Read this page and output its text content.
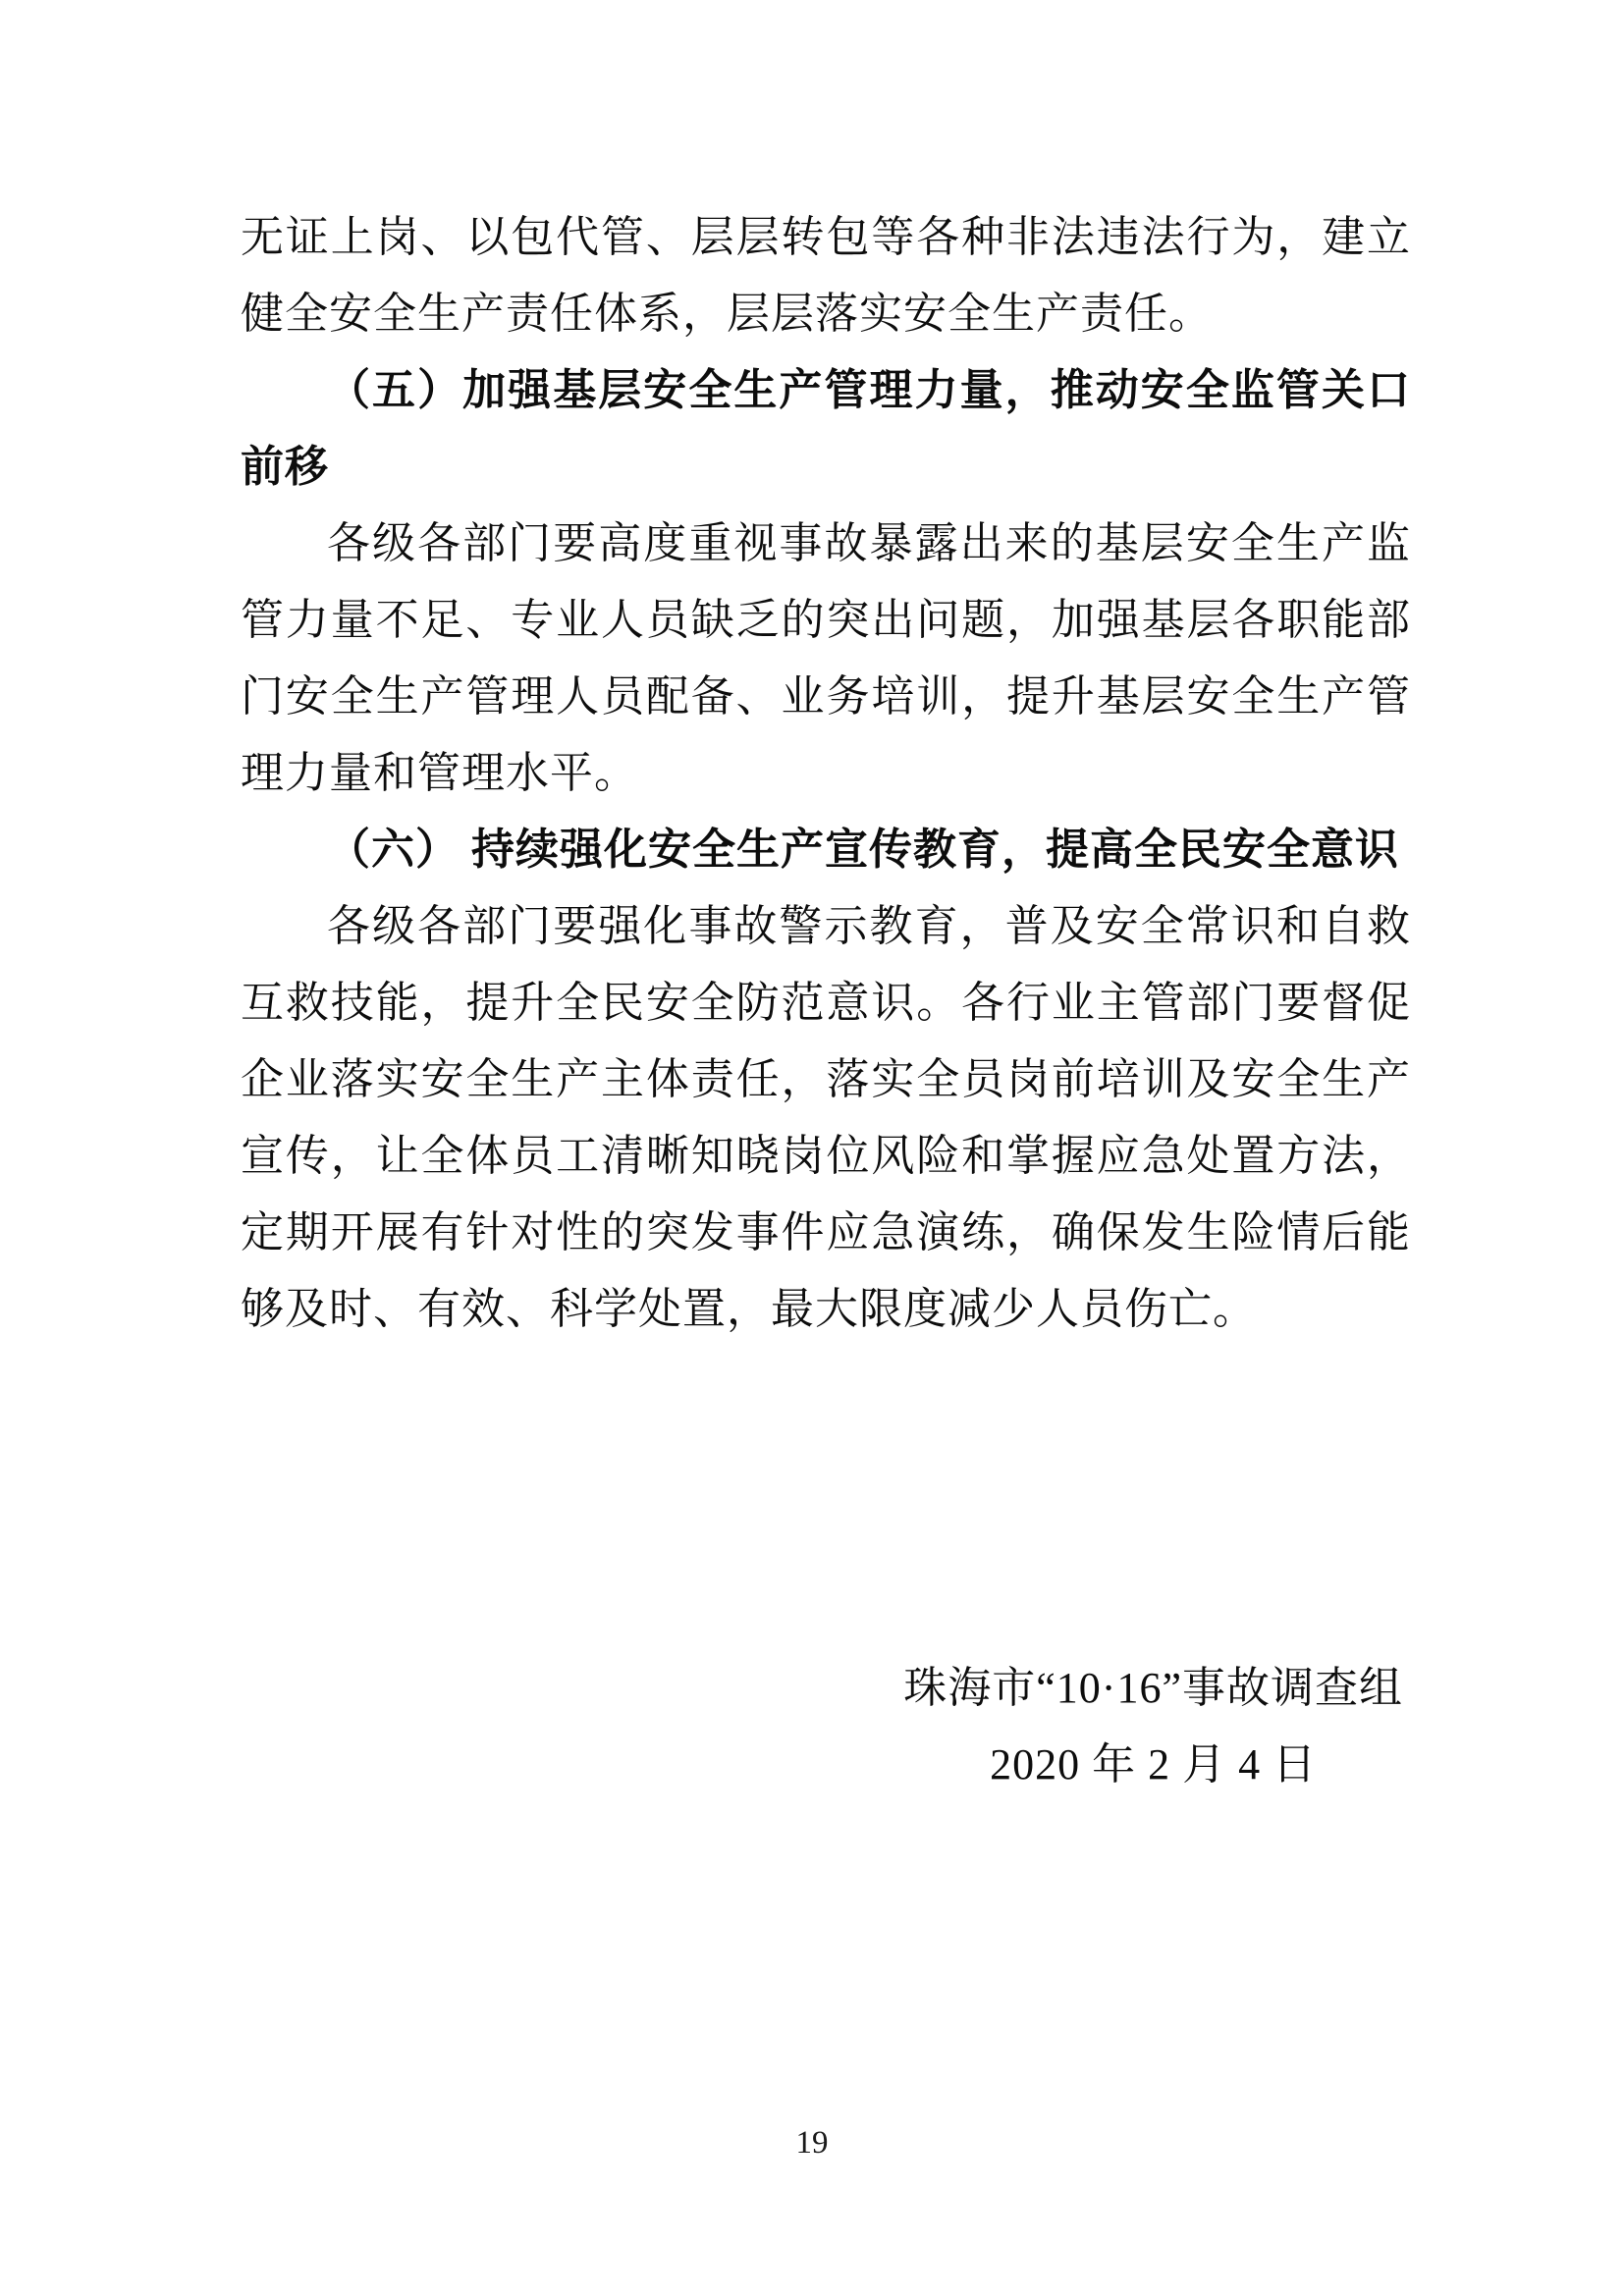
无证上岗、以包代管、层层转包等各种非法违法行为，建立健全安全生产责任体系，层层落实安全生产责任。

（五）加强基层安全生产管理力量，推动安全监管关口前移

各级各部门要高度重视事故暴露出来的基层安全生产监管力量不足、专业人员缺乏的突出问题，加强基层各职能部门安全生产管理人员配备、业务培训，提升基层安全生产管理力量和管理水平。

（六） 持续强化安全生产宣传教育，提高全民安全意识

各级各部门要强化事故警示教育，普及安全常识和自救互救技能，提升全民安全防范意识。各行业主管部门要督促企业落实安全生产主体责任，落实全员岗前培训及安全生产宣传，让全体员工清晰知晓岗位风险和掌握应急处置方法，定期开展有针对性的突发事件应急演练，确保发生险情后能够及时、有效、科学处置，最大限度减少人员伤亡。

珠海市“10·16”事故调查组
2020 年 2 月 4 日
19
